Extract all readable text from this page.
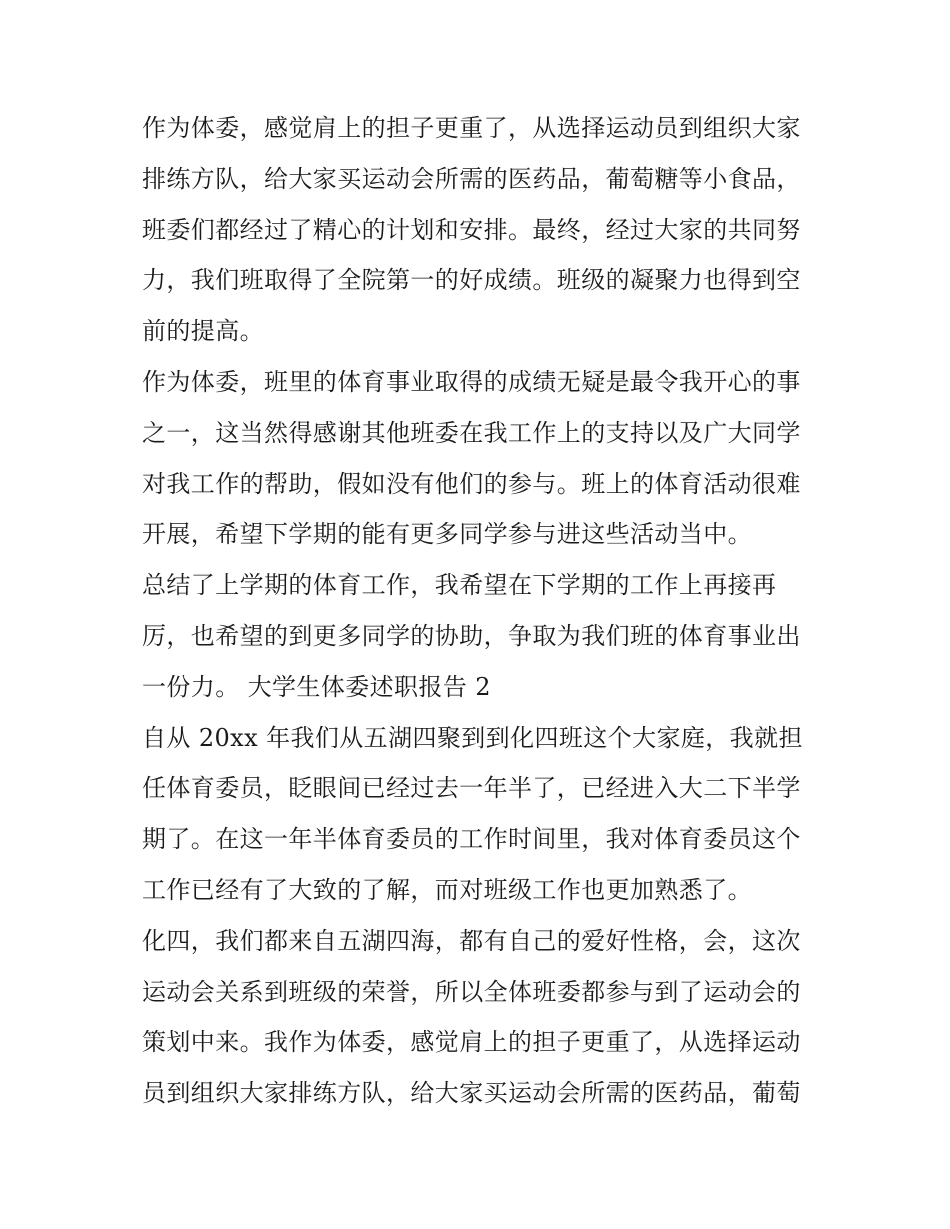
作为体委，感觉肩上的担子更重了，从选择运动员到组织大家
排练方队，给大家买运动会所需的医药品，葡萄糖等小食品，
班委们都经过了精心的计划和安排。最终，经过大家的共同努
力，我们班取得了全院第一的好成绩。班级的凝聚力也得到空
前的提高。
作为体委，班里的体育事业取得的成绩无疑是最令我开心的事
之一，这当然得感谢其他班委在我工作上的支持以及广大同学
对我工作的帮助，假如没有他们的参与。班上的体育活动很难
开展，希望下学期的能有更多同学参与进这些活动当中。
总结了上学期的体育工作，我希望在下学期的工作上再接再
厉，也希望的到更多同学的协助，争取为我们班的体育事业出
一份力。 大学生体委述职报告 2
自从 20xx 年我们从五湖四聚到到化四班这个大家庭，我就担
任体育委员，眨眼间已经过去一年半了，已经进入大二下半学
期了。在这一年半体育委员的工作时间里，我对体育委员这个
工作已经有了大致的了解，而对班级工作也更加熟悉了。
化四，我们都来自五湖四海，都有自己的爱好性格，会，这次
运动会关系到班级的荣誉，所以全体班委都参与到了运动会的
策划中来。我作为体委，感觉肩上的担子更重了，从选择运动
员到组织大家排练方队，给大家买运动会所需的医药品，葡萄
